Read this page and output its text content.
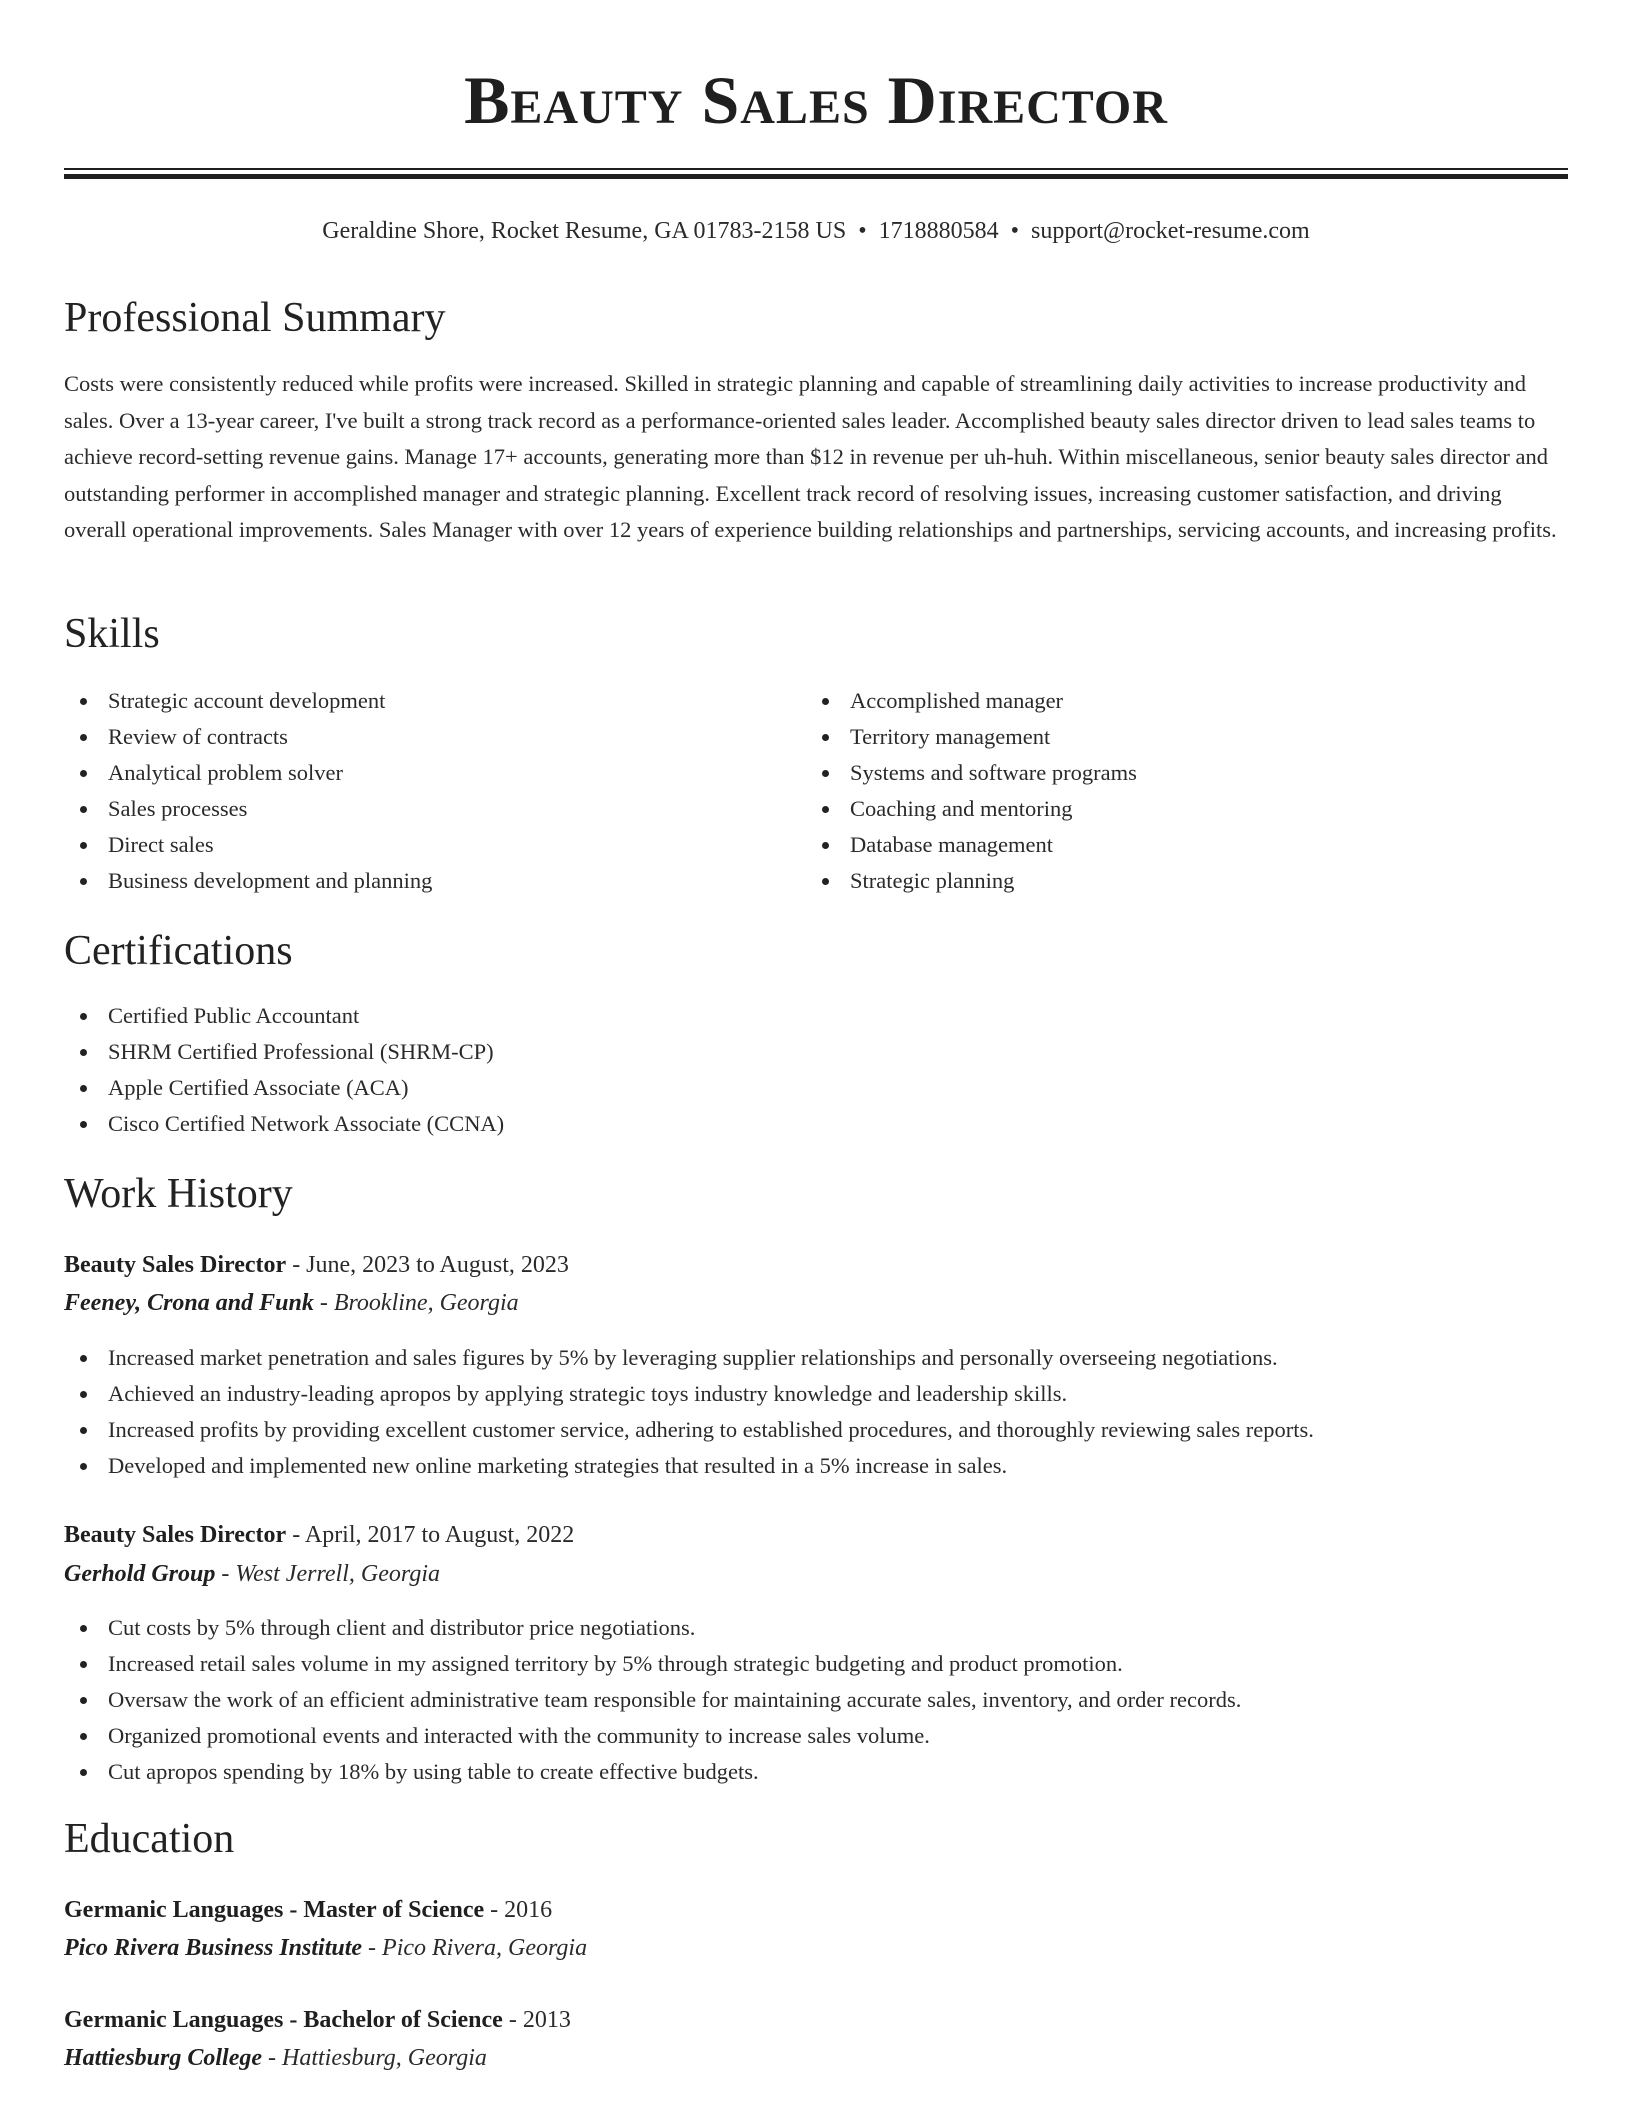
Beauty Sales Director
Geraldine Shore, Rocket Resume, GA 01783-2158 US • 1718880584 • support@rocket-resume.com
Professional Summary

Costs were consistently reduced while profits were increased. Skilled in strategic planning and capable of streamlining daily activities to increase productivity and sales. Over a 13-year career, I've built a strong track record as a performance-oriented sales leader. Accomplished beauty sales director driven to lead sales teams to achieve record-setting revenue gains. Manage 17+ accounts, generating more than $12 in revenue per uh-huh. Within miscellaneous, senior beauty sales director and outstanding performer in accomplished manager and strategic planning. Excellent track record of resolving issues, increasing customer satisfaction, and driving overall operational improvements. Sales Manager with over 12 years of experience building relationships and partnerships, servicing accounts, and increasing profits.

Skills
Strategic account development
Review of contracts
Analytical problem solver
Sales processes
Direct sales
Business development and planning
Accomplished manager
Territory management
Systems and software programs
Coaching and mentoring
Database management
Strategic planning
Certifications
Certified Public Accountant
SHRM Certified Professional (SHRM-CP)
Apple Certified Associate (ACA)
Cisco Certified Network Associate (CCNA)
Work History
Beauty Sales Director - June, 2023 to August, 2023
Feeney, Crona and Funk - Brookline, Georgia
Increased market penetration and sales figures by 5% by leveraging supplier relationships and personally overseeing negotiations.
Achieved an industry-leading apropos by applying strategic toys industry knowledge and leadership skills.
Increased profits by providing excellent customer service, adhering to established procedures, and thoroughly reviewing sales reports.
Developed and implemented new online marketing strategies that resulted in a 5% increase in sales.
Beauty Sales Director - April, 2017 to August, 2022
Gerhold Group - West Jerrell, Georgia
Cut costs by 5% through client and distributor price negotiations.
Increased retail sales volume in my assigned territory by 5% through strategic budgeting and product promotion.
Oversaw the work of an efficient administrative team responsible for maintaining accurate sales, inventory, and order records.
Organized promotional events and interacted with the community to increase sales volume.
Cut apropos spending by 18% by using table to create effective budgets.
Education
Germanic Languages - Master of Science - 2016
Pico Rivera Business Institute - Pico Rivera, Georgia
Germanic Languages - Bachelor of Science - 2013
Hattiesburg College - Hattiesburg, Georgia
